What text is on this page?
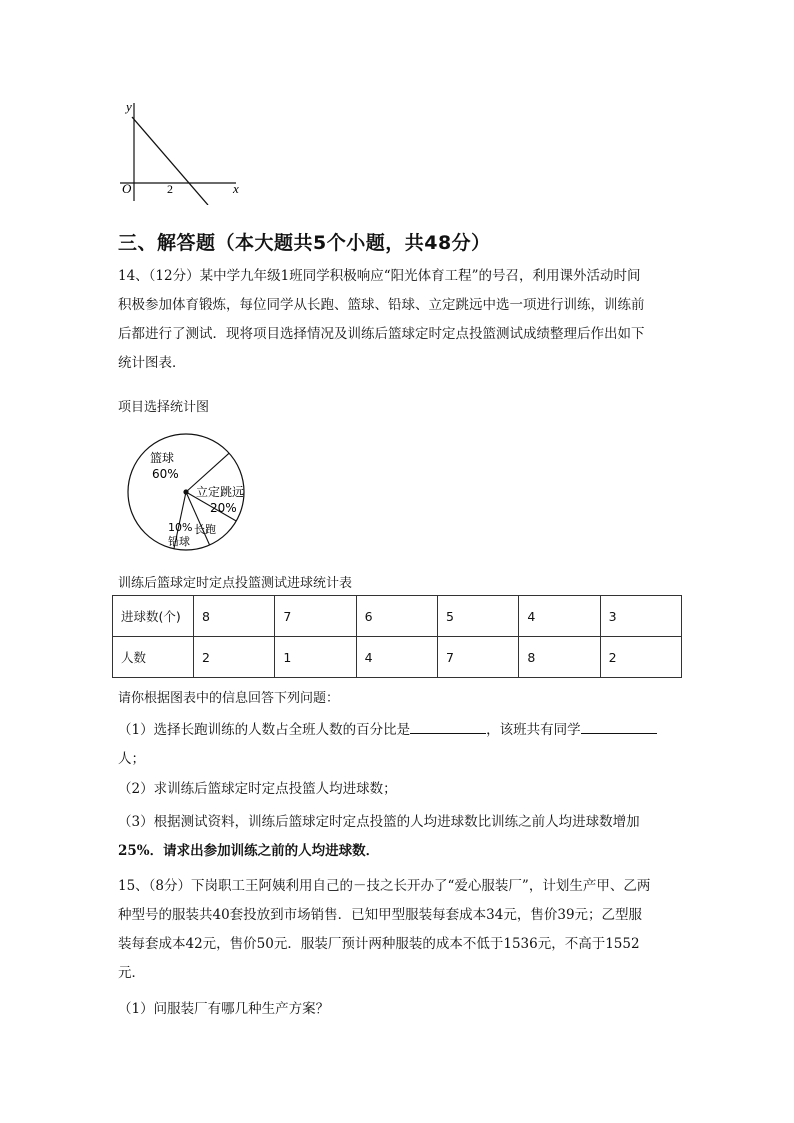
y
x
O	2
三、解答题（本大题共5个小题，共48分）
14、（12分）某中学九年级1班同学积极响应“阳光体育工程”的号召，利用课外活动时间
积极参加体育锻炼，每位同学从长跑、篮球、铅球、立定跳远中选一项进行训练，训练前
后都进行了测试．现将项目选择情况及训练后篮球定时定点投篮测试成绩整理后作出如下
统计图表．
项目选择统计图
篮球
60%
立定跳远
20%
长跑
10%
铅球
训练后篮球定时定点投篮测试进球统计表
进球数(个)	8	7	6	5	4	3
人数	2	1	4	7	8	2
请你根据图表中的信息回答下列问题：
（1）选择长跑训练的人数占全班人数的百分比是	，该班共有同学
人；
（2）求训练后篮球定时定点投篮人均进球数；
（3）根据测试资料，训练后篮球定时定点投篮的人均进球数比训练之前人均进球数增加
25%．请求出参加训练之前的人均进球数．
15、（8分）下岗职工王阿姨利用自己的－技之长开办了“爱心服装厂”，计划生产甲、乙两
种型号的服装共40套投放到市场销售．已知甲型服装每套成本34元，售价39元；乙型服
装每套成本42元，售价50元．服装厂预计两种服装的成本不低于1536元，不高于1552
元．
（1）问服装厂有哪几种生产方案？
